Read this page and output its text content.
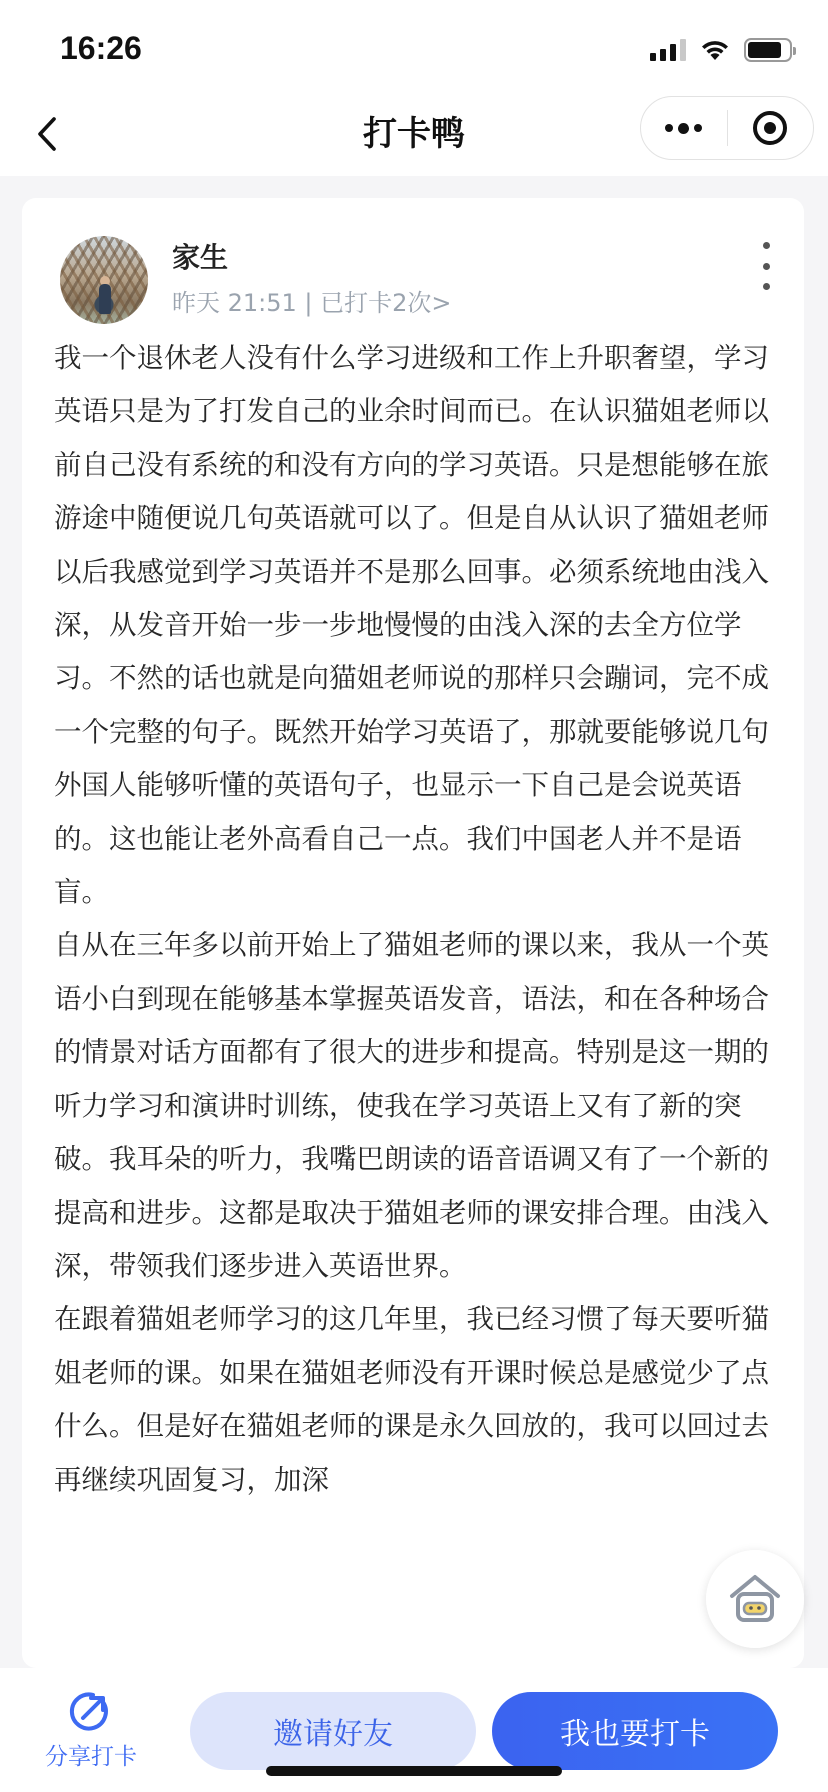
16:26
打卡鸭
家生
昨天 21:51 | 已打卡2次>

我一个退休老人没有什么学习进级和工作上升职奢望，学习英语只是为了打发自己的业余时间而已。在认识猫姐老师以前自己没有系统的和没有方向的学习英语。只是想能够在旅游途中随便说几句英语就可以了。但是自从认识了猫姐老师以后我感觉到学习英语并不是那么回事。必须系统地由浅入深，从发音开始一步一步地慢慢的由浅入深的去全方位学习。不然的话也就是向猫姐老师说的那样只会蹦词，完不成一个完整的句子。既然开始学习英语了，那就要能够说几句外国人能够听懂的英语句子，也显示一下自己是会说英语的。这也能让老外高看自己一点。我们中国老人并不是语盲。

自从在三年多以前开始上了猫姐老师的课以来，我从一个英语小白到现在能够基本掌握英语发音，语法，和在各种场合的情景对话方面都有了很大的进步和提高。特别是这一期的听力学习和演讲时训练，使我在学习英语上又有了新的突破。我耳朵的听力，我嘴巴朗读的语音语调又有了一个新的提高和进步。这都是取决于猫姐老师的课安排合理。由浅入深，带领我们逐步进入英语世界。

在跟着猫姐老师学习的这几年里，我已经习惯了每天要听猫姐老师的课。如果在猫姐老师没有开课时候总是感觉少了点什么。但是好在猫姐老师的课是永久回放的，我可以回过去再继续巩固复习，加深

分享打卡
邀请好友	我也要打卡
